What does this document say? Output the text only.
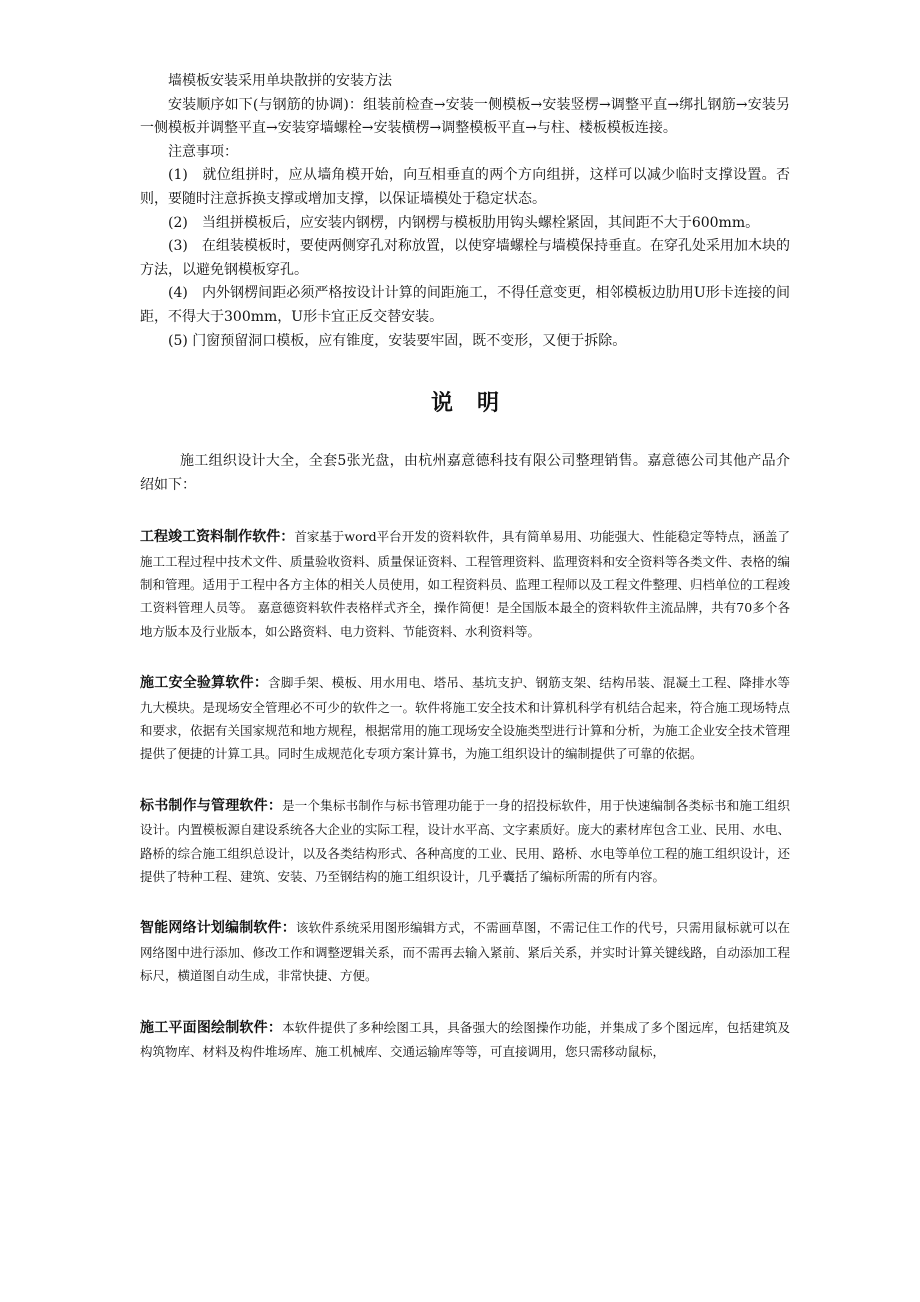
墙模板安装采用单块散拼的安装方法

安装顺序如下(与钢筋的协调)：组装前检查→安装一侧模板→安装竖楞→调整平直→绑扎钢筋→安装另一侧模板并调整平直→安装穿墙螺栓→安装横楞→调整模板平直→与柱、楼板模板连接。

注意事项：

(1)　就位组拼时，应从墙角模开始，向互相垂直的两个方向组拼，这样可以减少临时支撑设置。否则，要随时注意拆换支撑或增加支撑，以保证墙模处于稳定状态。

(2)　当组拼模板后，应安装内钢楞，内钢楞与模板肋用钩头螺栓紧固，其间距不大于600mm。

(3)　在组装模板时，要使两侧穿孔对称放置，以使穿墙螺栓与墙模保持垂直。在穿孔处采用加木块的方法，以避免钢模板穿孔。

(4)　内外钢楞间距必须严格按设计计算的间距施工，不得任意变更，相邻模板边肋用U形卡连接的间距，不得大于300mm，U形卡宜正反交替安装。

(5) 门窗预留洞口模板，应有锥度，安装要牢固，既不变形，又便于拆除。

说明

施工组织设计大全，全套5张光盘，由杭州嘉意德科技有限公司整理销售。嘉意德公司其他产品介绍如下：

工程竣工资料制作软件：首家基于word平台开发的资料软件，具有简单易用、功能强大、性能稳定等特点，涵盖了施工工程过程中技术文件、质量验收资料、质量保证资料、工程管理资料、监理资料和安全资料等各类文件、表格的编制和管理。适用于工程中各方主体的相关人员使用，如工程资料员、监理工程师以及工程文件整理、归档单位的工程竣工资料管理人员等。 嘉意德资料软件表格样式齐全，操作简便！是全国版本最全的资料软件主流品牌，共有70多个各地方版本及行业版本，如公路资料、电力资料、节能资料、水利资料等。

施工安全验算软件：含脚手架、模板、用水用电、塔吊、基坑支护、钢筋支架、结构吊装、混凝土工程、降排水等九大模块。是现场安全管理必不可少的软件之一。软件将施工安全技术和计算机科学有机结合起来，符合施工现场特点和要求，依据有关国家规范和地方规程，根据常用的施工现场安全设施类型进行计算和分析，为施工企业安全技术管理提供了便捷的计算工具。同时生成规范化专项方案计算书，为施工组织设计的编制提供了可靠的依据。

标书制作与管理软件：是一个集标书制作与标书管理功能于一身的招投标软件，用于快速编制各类标书和施工组织设计。内置模板源自建设系统各大企业的实际工程，设计水平高、文字素质好。庞大的素材库包含工业、民用、水电、路桥的综合施工组织总设计，以及各类结构形式、各种高度的工业、民用、路桥、水电等单位工程的施工组织设计，还提供了特种工程、建筑、安装、乃至钢结构的施工组织设计，几乎囊括了编标所需的所有内容。

智能网络计划编制软件：该软件系统采用图形编辑方式，不需画草图，不需记住工作的代号，只需用鼠标就可以在网络图中进行添加、修改工作和调整逻辑关系，而不需再去输入紧前、紧后关系，并实时计算关键线路，自动添加工程标尺，横道图自动生成，非常快捷、方便。

施工平面图绘制软件：本软件提供了多种绘图工具，具备强大的绘图操作功能，并集成了多个图远库，包括建筑及构筑物库、材料及构件堆场库、施工机械库、交通运输库等等，可直接调用，您只需移动鼠标，
